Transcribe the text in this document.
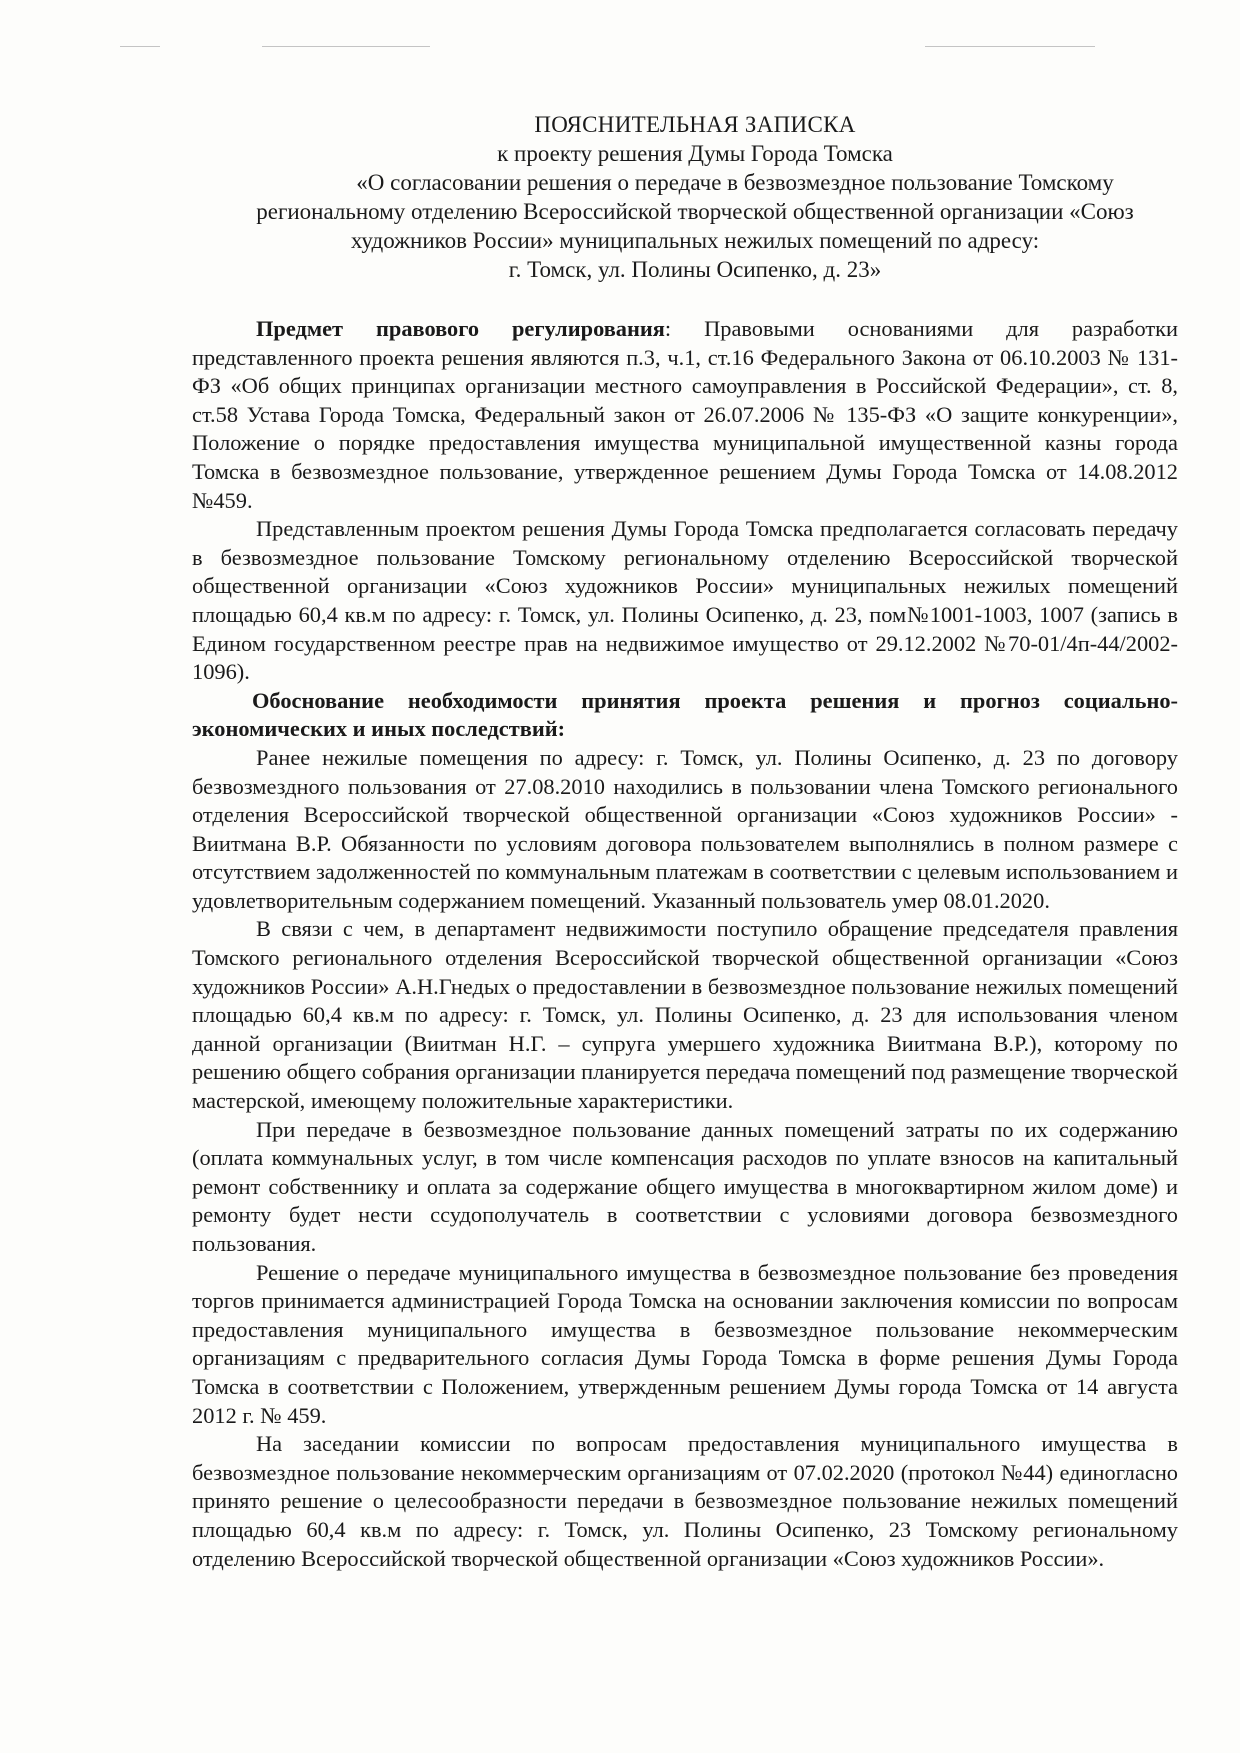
ПОЯСНИТЕЛЬНАЯ ЗАПИСКА
к проекту решения Думы Города Томска
«О согласовании решения о передаче в безвозмездное пользование Томскому
региональному отделению Всероссийской творческой общественной организации «Союз
художников России» муниципальных нежилых помещений по адресу:
г. Томск, ул. Полины Осипенко, д. 23»

Предмет правового регулирования: Правовыми основаниями для разработки представленного проекта решения являются п.3, ч.1, ст.16 Федерального Закона от 06.10.2003 № 131-ФЗ «Об общих принципах организации местного самоуправления в Российской Федерации», ст. 8, ст.58 Устава Города Томска, Федеральный закон от 26.07.2006 № 135-ФЗ «О защите конкуренции», Положение о порядке предоставления имущества муниципальной имущественной казны города Томска в безвозмездное пользование, утвержденное решением Думы Города Томска от 14.08.2012 №459.

Представленным проектом решения Думы Города Томска предполагается согласовать передачу в безвозмездное пользование Томскому региональному отделению Всероссийской творческой общественной организации «Союз художников России» муниципальных нежилых помещений площадью 60,4 кв.м по адресу: г. Томск, ул. Полины Осипенко, д. 23, пом№1001-1003, 1007 (запись в Едином государственном реестре прав на недвижимое имущество от 29.12.2002 №70-01/4п-44/2002-1096).

Обоснование необходимости принятия проекта решения и прогноз социально-экономических и иных последствий:

Ранее нежилые помещения по адресу: г. Томск, ул. Полины Осипенко, д. 23 по договору безвозмездного пользования от 27.08.2010 находились в пользовании члена Томского регионального отделения Всероссийской творческой общественной организации «Союз художников России» - Виитмана В.Р. Обязанности по условиям договора пользователем выполнялись в полном размере с отсутствием задолженностей по коммунальным платежам в соответствии с целевым использованием и удовлетворительным содержанием помещений. Указанный пользователь умер 08.01.2020.

В связи с чем, в департамент недвижимости поступило обращение председателя правления Томского регионального отделения Всероссийской творческой общественной организации «Союз художников России» А.Н.Гнедых о предоставлении в безвозмездное пользование нежилых помещений площадью 60,4 кв.м по адресу: г. Томск, ул. Полины Осипенко, д. 23 для использования членом данной организации (Виитман Н.Г. – супруга умершего художника Виитмана В.Р.), которому по решению общего собрания организации планируется передача помещений под размещение творческой мастерской, имеющему положительные характеристики.

При передаче в безвозмездное пользование данных помещений затраты по их содержанию (оплата коммунальных услуг, в том числе компенсация расходов по уплате взносов на капитальный ремонт собственнику и оплата за содержание общего имущества в многоквартирном жилом доме) и ремонту будет нести ссудополучатель в соответствии с условиями договора безвозмездного пользования.

Решение о передаче муниципального имущества в безвозмездное пользование без проведения торгов принимается администрацией Города Томска на основании заключения комиссии по вопросам предоставления муниципального имущества в безвозмездное пользование некоммерческим организациям с предварительного согласия Думы Города Томска в форме решения Думы Города Томска в соответствии с Положением, утвержденным решением Думы города Томска от 14 августа 2012 г. № 459.

На заседании комиссии по вопросам предоставления муниципального имущества в безвозмездное пользование некоммерческим организациям от 07.02.2020 (протокол №44) единогласно принято решение о целесообразности передачи в безвозмездное пользование нежилых помещений площадью 60,4 кв.м по адресу: г. Томск, ул. Полины Осипенко, 23 Томскому региональному отделению Всероссийской творческой общественной организации «Союз художников России».
